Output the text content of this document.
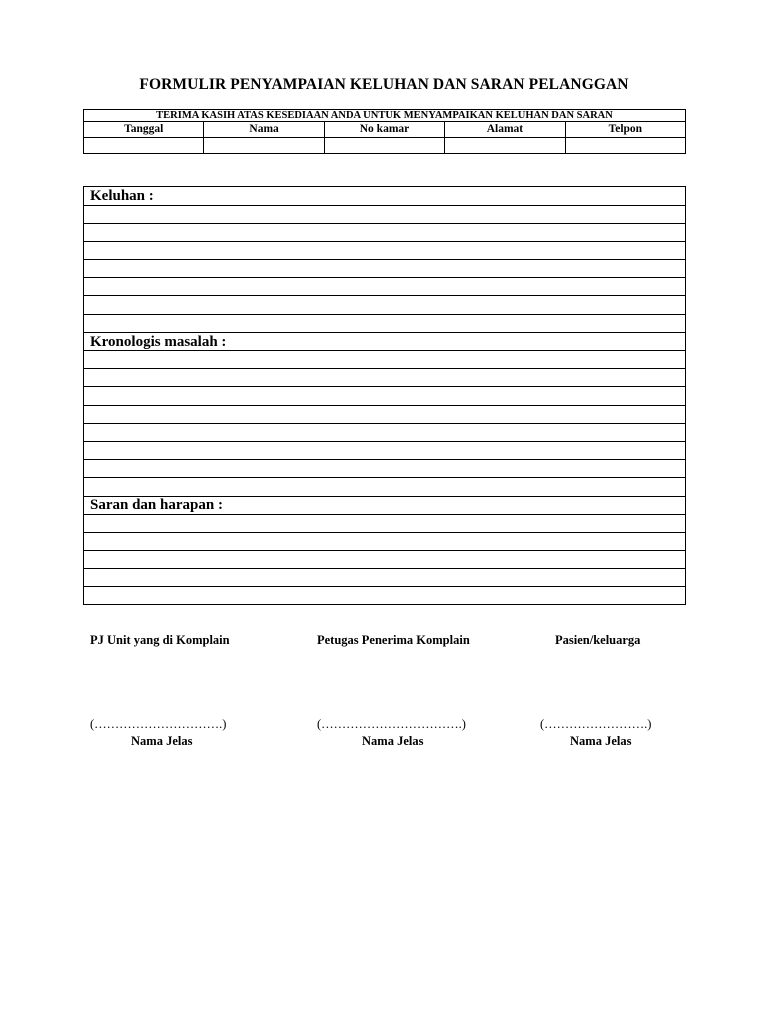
FORMULIR PENYAMPAIAN KELUHAN DAN SARAN PELANGGAN
TERIMA KASIH ATAS KESEDIAAN ANDA UNTUK MENYAMPAIKAN KELUHAN DAN SARAN
Tanggal	Nama	No kamar	Alamat	Telpon
Keluhan :
Kronologis masalah :
Saran dan harapan :
PJ Unit yang di Komplain	Petugas Penerima Komplain	Pasien/keluarga
(………………………….)	(…………………………….)	(…………………….)
Nama Jelas	Nama Jelas	Nama Jelas
